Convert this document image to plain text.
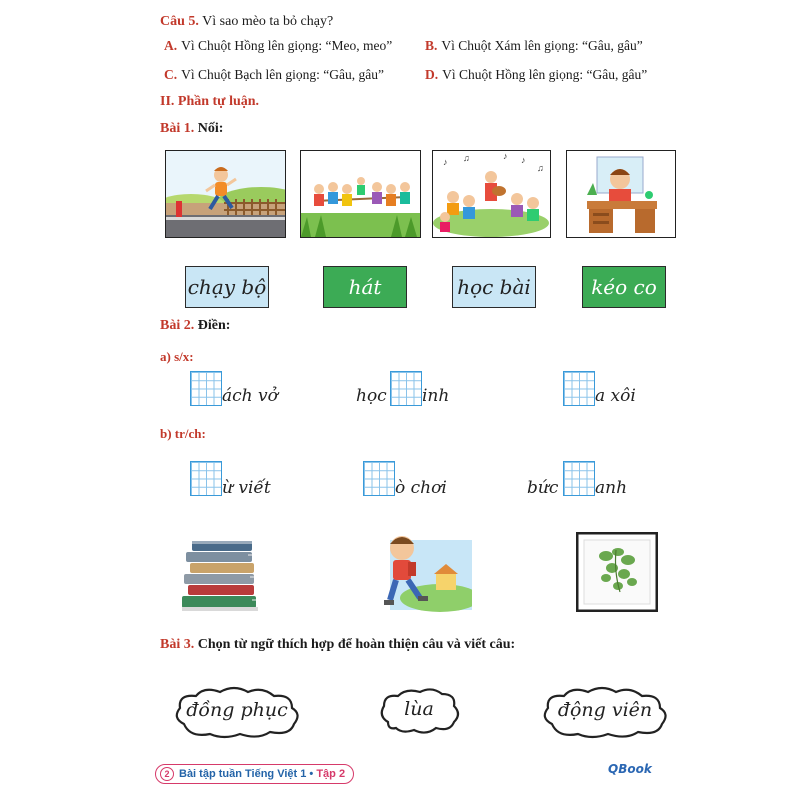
Câu 5. Vì sao mèo ta bỏ chạy?
A. Vì Chuột Hồng lên giọng: “Meo, meo” B. Vì Chuột Xám lên giọng: “Gâu, gâu”
C. Vì Chuột Bạch lên giọng: “Gâu, gâu”	D. Vì Chuột Hồng lên giọng: “Gâu, gâu”
II. Phần tự luận.
Bài 1. Nối:
♪ ♫	♪
♫
♪
chạy bộ	hát	học bài	kéo co
Bài 2. Điền:
a) s/x:
ách vở	học inh	a xôi
b) tr/ch:
ừ viết	ò chơi	bức anh
Bài 3. Chọn từ ngữ thích hợp để hoàn thiện câu và viết câu:
đồng phục	lùa	động viên
2 Bài tập tuần Tiếng Việt 1 •
Tập 2	QBook
